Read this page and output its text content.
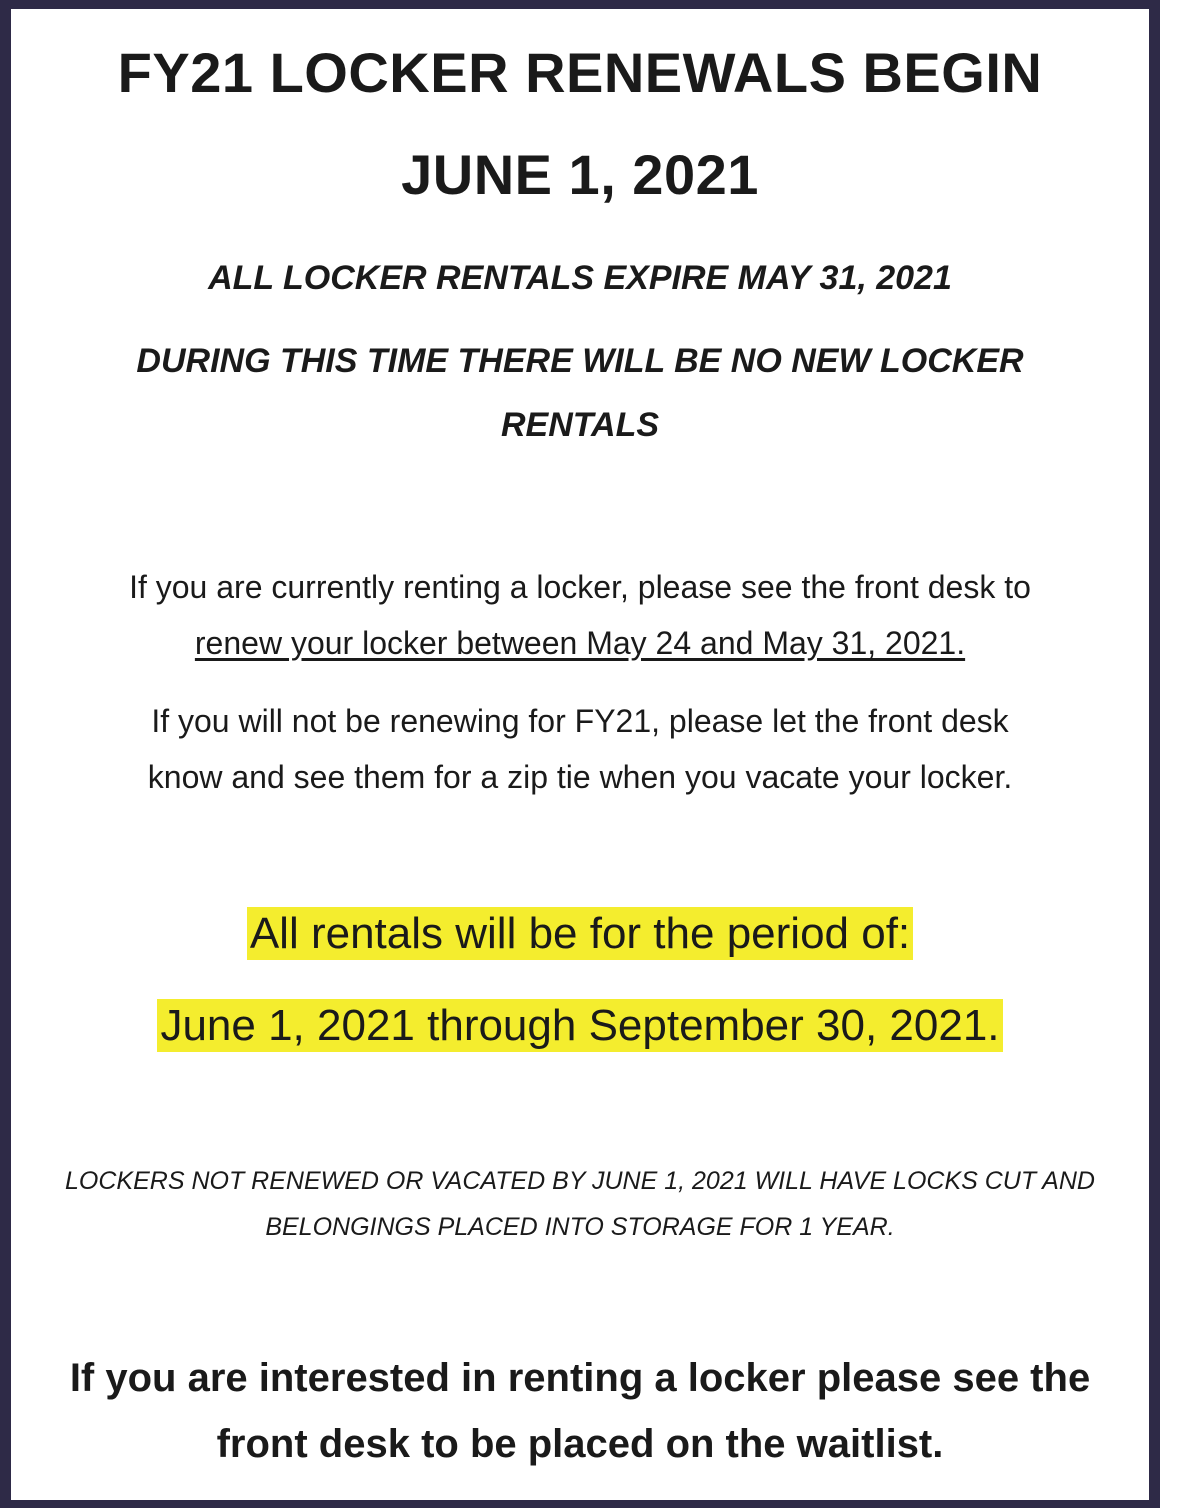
FY21 LOCKER RENEWALS BEGIN
JUNE 1, 2021

ALL LOCKER RENTALS EXPIRE MAY 31, 2021

DURING THIS TIME THERE WILL BE NO NEW LOCKER

RENTALS

If you are currently renting a locker, please see the front desk to

renew your locker between May 24 and May 31, 2021.

If you will not be renewing for FY21, please let the front desk

know and see them for a zip tie when you vacate your locker.

All rentals will be for the period of:

June 1, 2021 through September 30, 2021.

LOCKERS NOT RENEWED OR VACATED BY JUNE 1, 2021 WILL HAVE LOCKS CUT AND

BELONGINGS PLACED INTO STORAGE FOR 1 YEAR.

If you are interested in renting a locker please see the

front desk to be placed on the waitlist.
